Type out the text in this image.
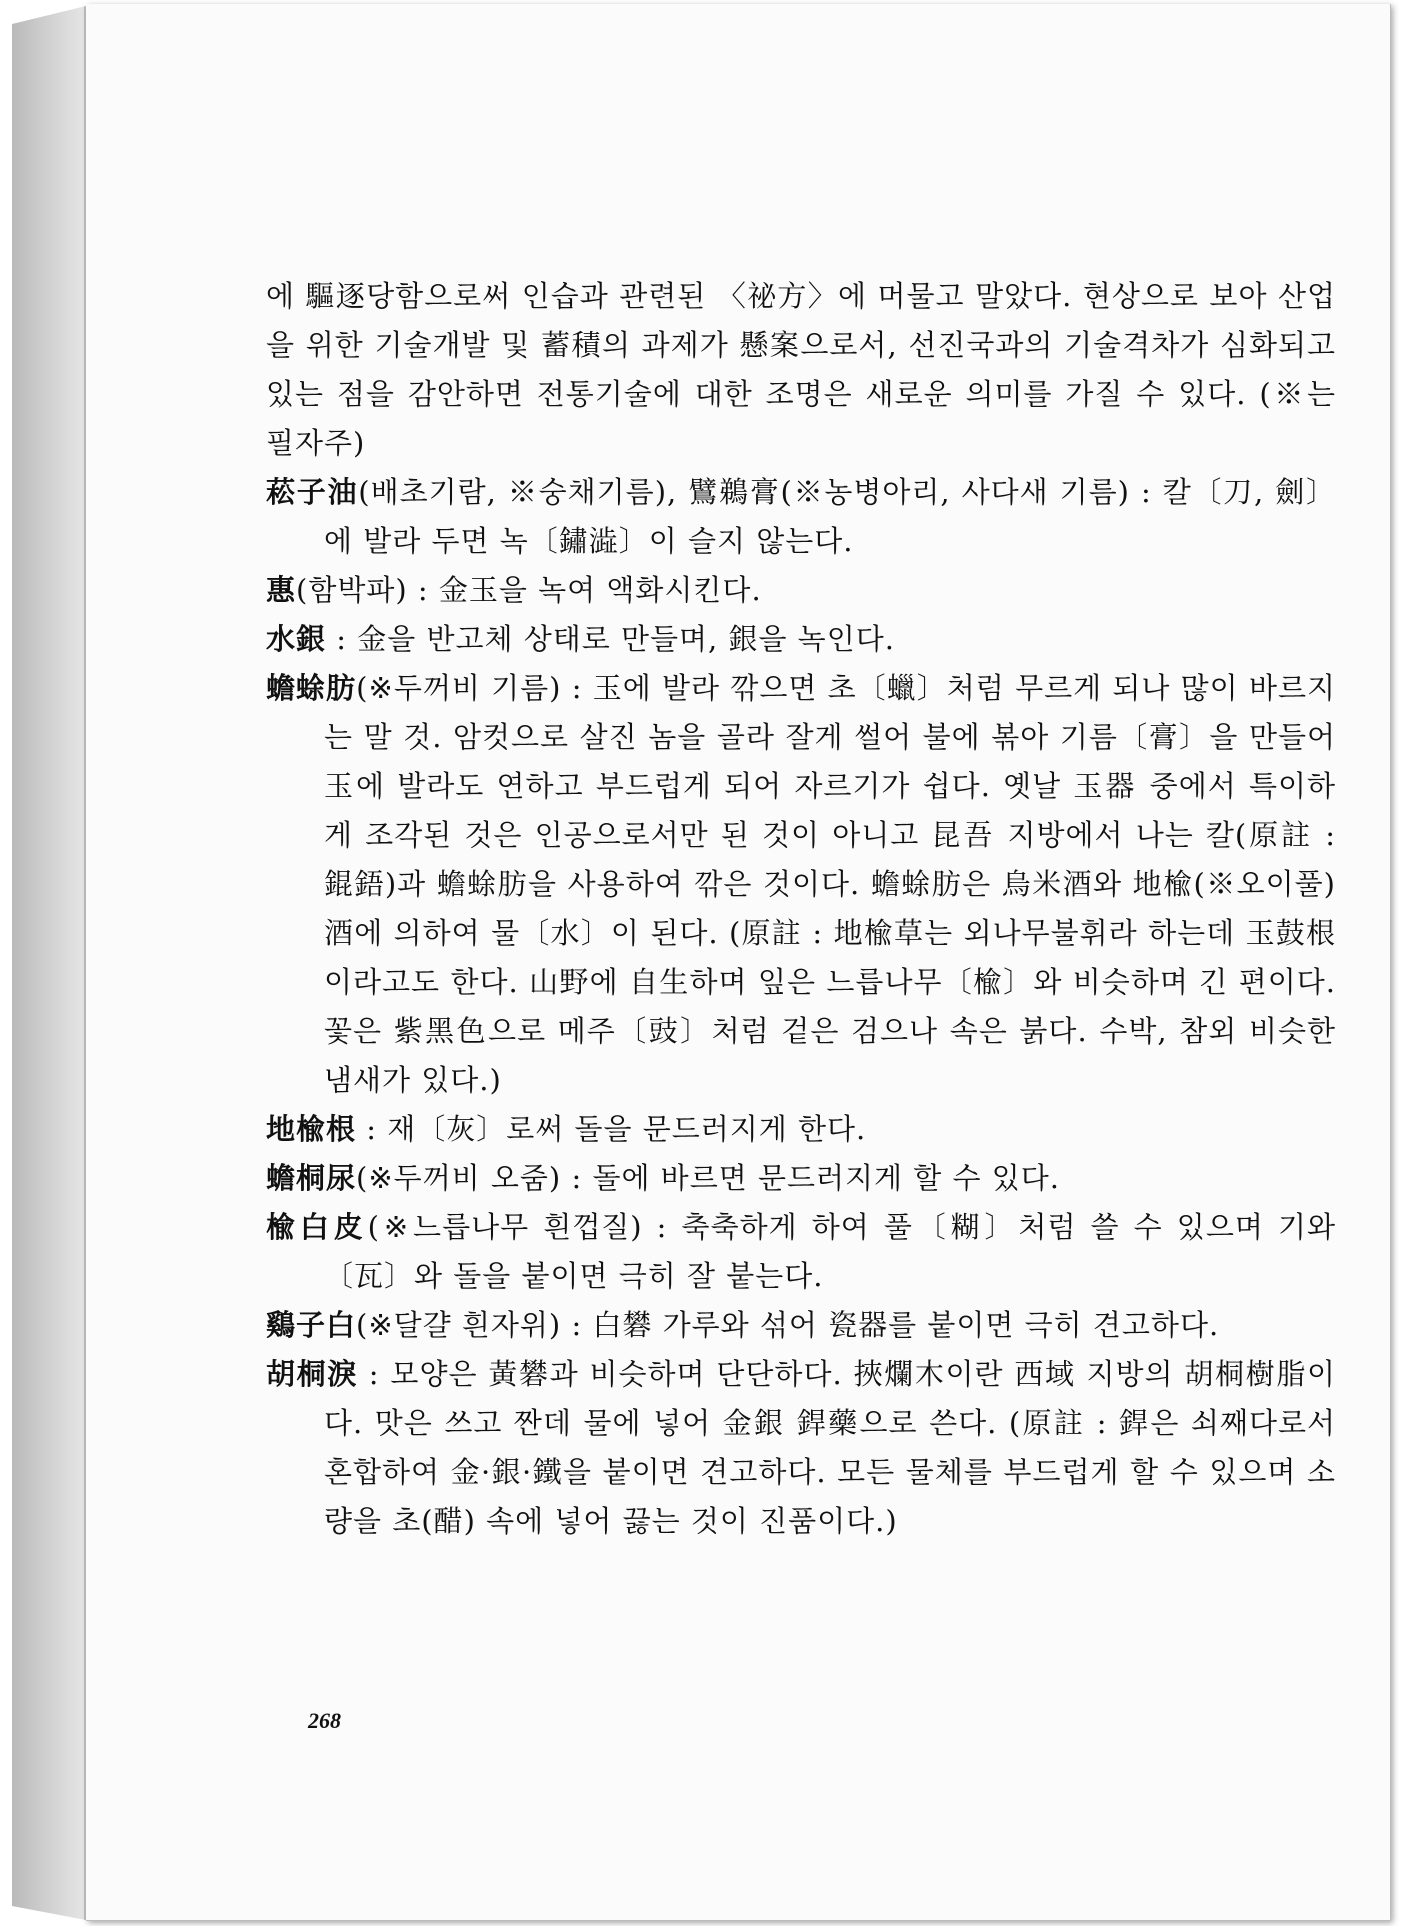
에 驅逐당함으로써 인습과 관련된 〈祕方〉에 머물고 말았다. 현상으로 보아 산업을 위한 기술개발 및 蓄積의 과제가 懸案으로서, 선진국과의 기술격차가 심화되고 있는 점을 감안하면 전통기술에 대한 조명은 새로운 의미를 가질 수 있다. (※는 필자주)

菘子油(배초기람, ※숭채기름), 鷿鵜膏(※농병아리, 사다새 기름) : 칼〔刀, 劍〕에 발라 두면 녹〔鏽澁〕이 슬지 않는다.

惠(함박파) : 金玉을 녹여 액화시킨다.

水銀 : 金을 반고체 상태로 만들며, 銀을 녹인다.

蟾蜍肪(※두꺼비 기름) : 玉에 발라 깎으면 초〔蠟〕처럼 무르게 되나 많이 바르지는 말 것. 암컷으로 살진 놈을 골라 잘게 썰어 불에 볶아 기름〔膏〕을 만들어 玉에 발라도 연하고 부드럽게 되어 자르기가 쉽다. 옛날 玉器 중에서 특이하게 조각된 것은 인공으로서만 된 것이 아니고 昆吾 지방에서 나는 칼(原註 : 錕鋙)과 蟾蜍肪을 사용하여 깎은 것이다. 蟾蜍肪은 烏米酒와 地楡(※오이풀)酒에 의하여 물〔水〕이 된다. (原註 : 地楡草는 외나무불휘라 하는데 玉鼓根이라고도 한다. 山野에 自生하며 잎은 느릅나무〔楡〕와 비슷하며 긴 편이다. 꽃은 紫黑色으로 메주〔豉〕처럼 겉은 검으나 속은 붉다. 수박, 참외 비슷한 냄새가 있다.)

地楡根 : 재〔灰〕로써 돌을 문드러지게 한다.

蟾桐尿(※두꺼비 오줌) : 돌에 바르면 문드러지게 할 수 있다.

楡白皮(※느릅나무 흰껍질) : 축축하게 하여 풀〔糊〕처럼 쓸 수 있으며 기와〔瓦〕와 돌을 붙이면 극히 잘 붙는다.

鷄子白(※달걀 흰자위) : 白礬 가루와 섞어 瓷器를 붙이면 극히 견고하다.

胡桐淚 : 모양은 黃礬과 비슷하며 단단하다. 挾爛木이란 西域 지방의 胡桐樹脂이다. 맛은 쓰고 짠데 물에 넣어 金銀 銲藥으로 쓴다. (原註 : 銲은 쇠째다로서 혼합하여 金·銀·鐵을 붙이면 견고하다. 모든 물체를 부드럽게 할 수 있으며 소량을 초(醋) 속에 넣어 끓는 것이 진품이다.)

268
